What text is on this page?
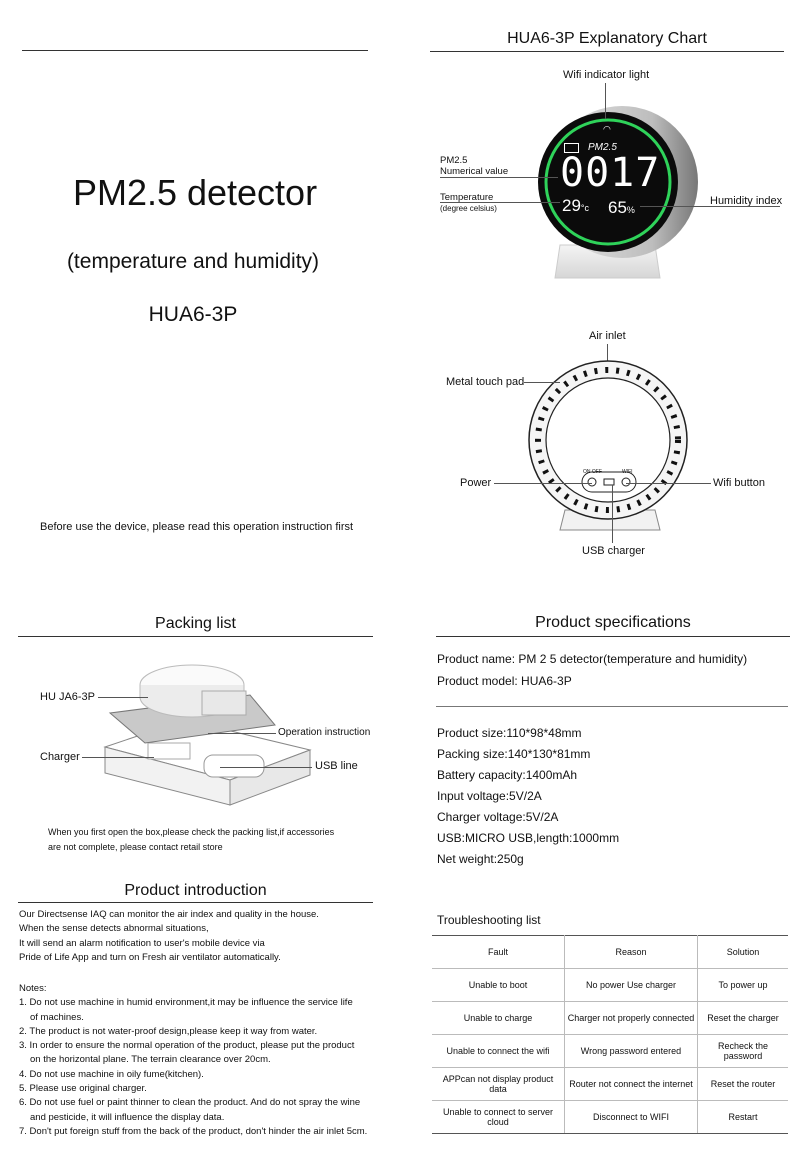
PM2.5 detector
(temperature and humidity)
HUA6-3P
Before use the device, please read this operation instruction first
HUA6-3P Explanatory Chart
◠
PM2.5
0017
29°c 65%
Wifi indicator light
PM2.5
Numerical value
Temperature
(degree celsius)
Humidity index
Air inlet
ON OFF	WIFI
Metal touch pad
Power	Wifi button
USB charger
Packing list
HU JA6-3P
Operation instruction
Charger
USB line
When you first open the box,please check the packing list,if accessories
are not complete, please contact retail store
Product specifications
Product name: PM 2 5 detector(temperature and humidity)
Product model: HUA6-3P
Product size:110*98*48mm
Packing size:140*130*81mm
Battery capacity:1400mAh
Input voltage:5V/2A
Charger voltage:5V/2A
USB:MICRO USB,length:1000mm
Net weight:250g
Product introduction

Our Directsense IAQ can monitor the air index and quality in the house.

When the sense detects abnormal situations,

It will send an alarm notification to user's mobile device via

Pride of Life App and turn on Fresh air ventilator automatically.

Notes:
1. Do not use machine in humid environment,it may be influence the service life
of machines.
2. The product is not water-proof design,please keep it way from water.
3. In order to ensure the normal operation of the product, please put the product
on the horizontal plane. The terrain clearance over 20cm.
4. Do not use machine in oily fume(kitchen).
5. Please use original charger.
6. Do not use fuel or paint thinner to clean the product. And do not spray the wine
and pesticide, it will influence the display data.
7. Don't put foreign stuff from the back of the product, don't hinder the air inlet 5cm.
Troubleshooting list
Fault	Reason	Solution
Unable to boot	No power Use charger	To power up
Unable to charge	Charger not properly connected	Reset the charger
Unable to connect the wifi	Wrong password entered	Recheck the password
APPcan not display product data	Router not connect the internet	Reset the router
Unable to connect to server cloud	Disconnect to WIFI	Restart
